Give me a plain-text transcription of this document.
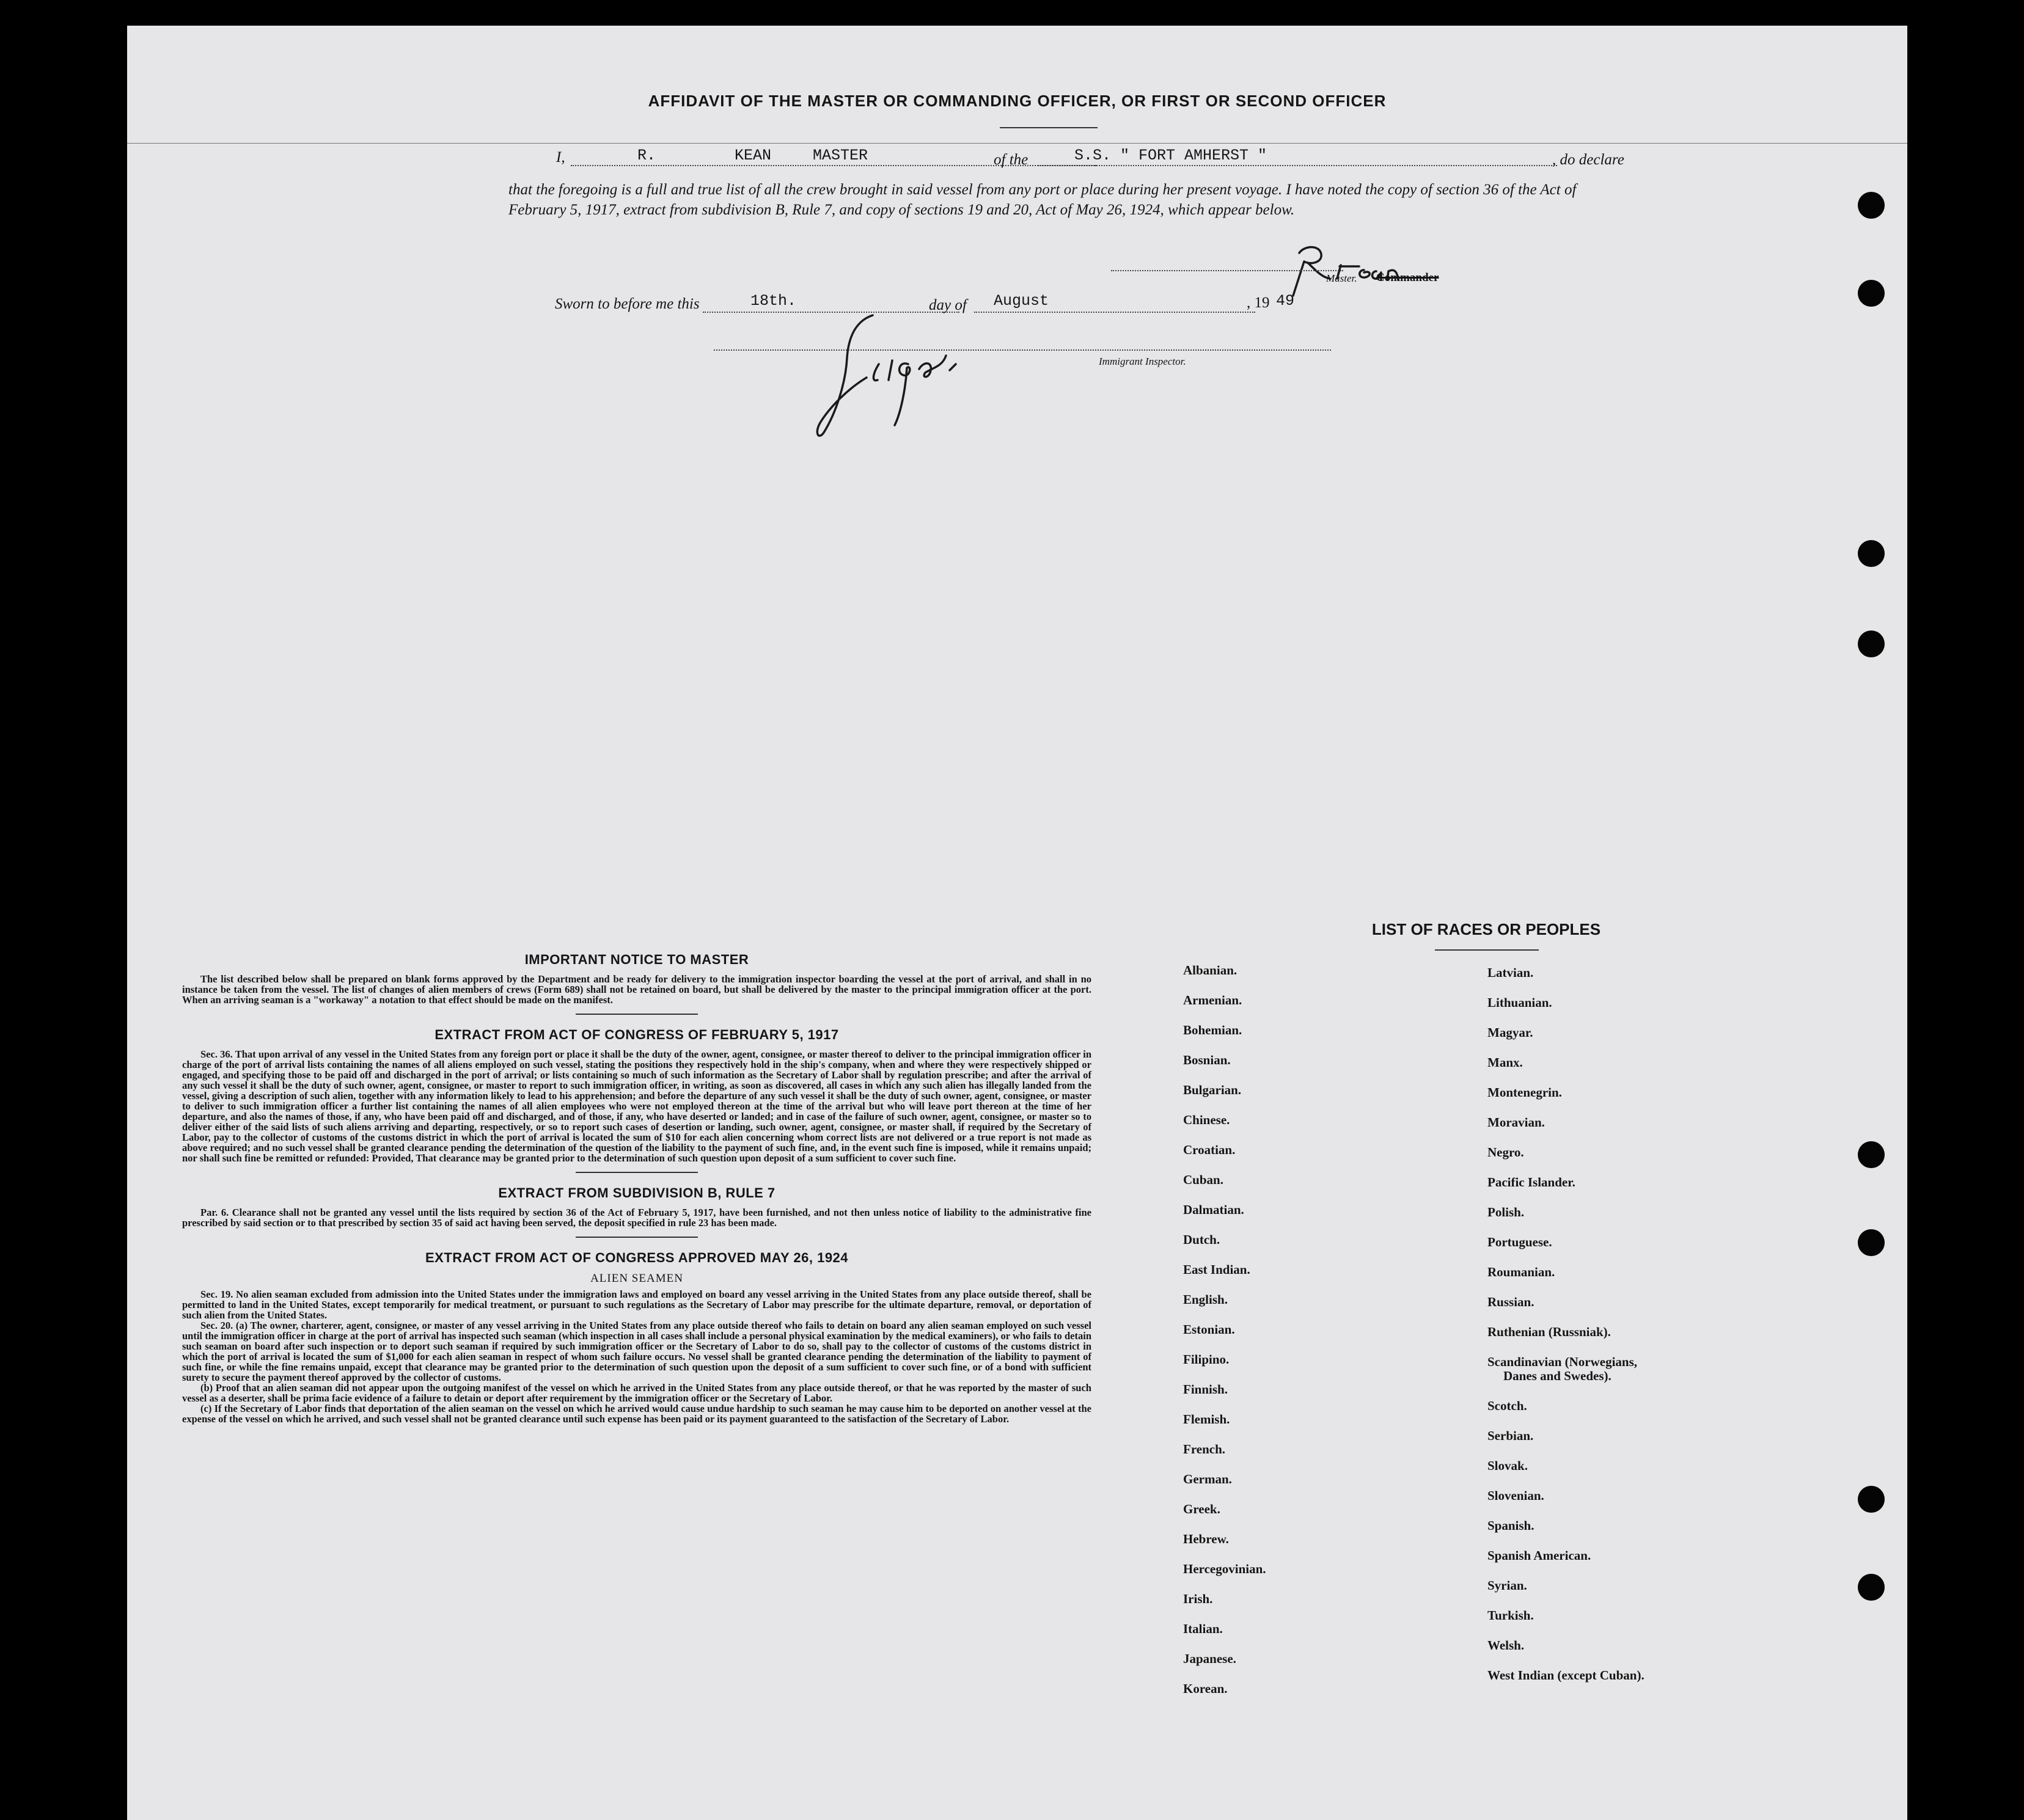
AFFIDAVIT OF THE MASTER OR COMMANDING OFFICER, OR FIRST OR SECOND OFFICER
I,	R.	KEAN	MASTER	of the	S.S. " FORT AMHERST "	, do declare
that the foregoing is a full and true list of all the crew brought in said vessel from any port or place during her present voyage. I have noted the copy of section 36 of the Act of February 5, 1917, extract from subdivision B, Rule 7, and copy of sections 19 and 20, Act of May 26, 1924, which appear below.
Master. Commander
Sworn to before me this	18th.	day of August	, 19 49
Immigrant Inspector.
IMPORTANT NOTICE TO MASTER

The list described below shall be prepared on blank forms approved by the Department and be ready for delivery to the immigration inspector boarding the vessel at the port of arrival, and shall in no instance be taken from the vessel. The list of changes of alien members of crews (Form 689) shall not be retained on board, but shall be delivered by the master to the principal immigration officer at the port. When an arriving seaman is a "workaway" a notation to that effect should be made on the manifest.

EXTRACT FROM ACT OF CONGRESS OF FEBRUARY 5, 1917

Sec. 36. That upon arrival of any vessel in the United States from any foreign port or place it shall be the duty of the owner, agent, consignee, or master thereof to deliver to the principal immigration officer in charge of the port of arrival lists containing the names of all aliens employed on such vessel, stating the positions they respectively hold in the ship's company, when and where they were respectively shipped or engaged, and specifying those to be paid off and discharged in the port of arrival; or lists containing so much of such information as the Secretary of Labor shall by regulation prescribe; and after the arrival of any such vessel it shall be the duty of such owner, agent, consignee, or master to report to such immigration officer, in writing, as soon as discovered, all cases in which any such alien has illegally landed from the vessel, giving a description of such alien, together with any information likely to lead to his apprehension; and before the departure of any such vessel it shall be the duty of such owner, agent, consignee, or master to deliver to such immigration officer a further list containing the names of all alien employees who were not employed thereon at the time of the arrival but who will leave port thereon at the time of her departure, and also the names of those, if any, who have been paid off and discharged, and of those, if any, who have deserted or landed; and in case of the failure of such owner, agent, consignee, or master so to deliver either of the said lists of such aliens arriving and departing, respectively, or so to report such cases of desertion or landing, such owner, agent, consignee, or master shall, if required by the Secretary of Labor, pay to the collector of customs of the customs district in which the port of arrival is located the sum of $10 for each alien concerning whom correct lists are not delivered or a true report is not made as above required; and no such vessel shall be granted clearance pending the determination of the question of the liability to the payment of such fine, and, in the event such fine is imposed, while it remains unpaid; nor shall such fine be remitted or refunded: Provided, That clearance may be granted prior to the determination of such question upon deposit of a sum sufficient to cover such fine.

EXTRACT FROM SUBDIVISION B, RULE 7

Par. 6. Clearance shall not be granted any vessel until the lists required by section 36 of the Act of February 5, 1917, have been furnished, and not then unless notice of liability to the administrative fine prescribed by said section or to that prescribed by section 35 of said act having been served, the deposit specified in rule 23 has been made.

EXTRACT FROM ACT OF CONGRESS APPROVED MAY 26, 1924
ALIEN SEAMEN

Sec. 19. No alien seaman excluded from admission into the United States under the immigration laws and employed on board any vessel arriving in the United States from any place outside thereof, shall be permitted to land in the United States, except temporarily for medical treatment, or pursuant to such regulations as the Secretary of Labor may prescribe for the ultimate departure, removal, or deportation of such alien from the United States.

Sec. 20. (a) The owner, charterer, agent, consignee, or master of any vessel arriving in the United States from any place outside thereof who fails to detain on board any alien seaman employed on such vessel until the immigration officer in charge at the port of arrival has inspected such seaman (which inspection in all cases shall include a personal physical examination by the medical examiners), or who fails to detain such seaman on board after such inspection or to deport such seaman if required by such immigration officer or the Secretary of Labor to do so, shall pay to the collector of customs of the customs district in which the port of arrival is located the sum of $1,000 for each alien seaman in respect of whom such failure occurs. No vessel shall be granted clearance pending the determination of the liability to payment of such fine, or while the fine remains unpaid, except that clearance may be granted prior to the determination of such question upon the deposit of a sum sufficient to cover such fine, or of a bond with sufficient surety to secure the payment thereof approved by the collector of customs.

(b) Proof that an alien seaman did not appear upon the outgoing manifest of the vessel on which he arrived in the United States from any place outside thereof, or that he was reported by the master of such vessel as a deserter, shall be prima facie evidence of a failure to detain or deport after requirement by the immigration officer or the Secretary of Labor.

(c) If the Secretary of Labor finds that deportation of the alien seaman on the vessel on which he arrived would cause undue hardship to such seaman he may cause him to be deported on another vessel at the expense of the vessel on which he arrived, and such vessel shall not be granted clearance until such expense has been paid or its payment guaranteed to the satisfaction of the Secretary of Labor.

LIST OF RACES OR PEOPLES
Albanian.
Armenian.
Bohemian.
Bosnian.
Bulgarian.
Chinese.
Croatian.
Cuban.
Dalmatian.
Dutch.
East Indian.
English.
Estonian.
Filipino.
Finnish.
Flemish.
French.
German.
Greek.
Hebrew.
Hercegovinian.
Irish.
Italian.
Japanese.
Korean.
Latvian.
Lithuanian.
Magyar.
Manx.
Montenegrin.
Moravian.
Negro.
Pacific Islander.
Polish.
Portuguese.
Roumanian.
Russian.
Ruthenian (Russniak).
Scandinavian (Norwegians,
Danes and Swedes).
Scotch.
Serbian.
Slovak.
Slovenian.
Spanish.
Spanish American.
Syrian.
Turkish.
Welsh.
West Indian (except Cuban).
